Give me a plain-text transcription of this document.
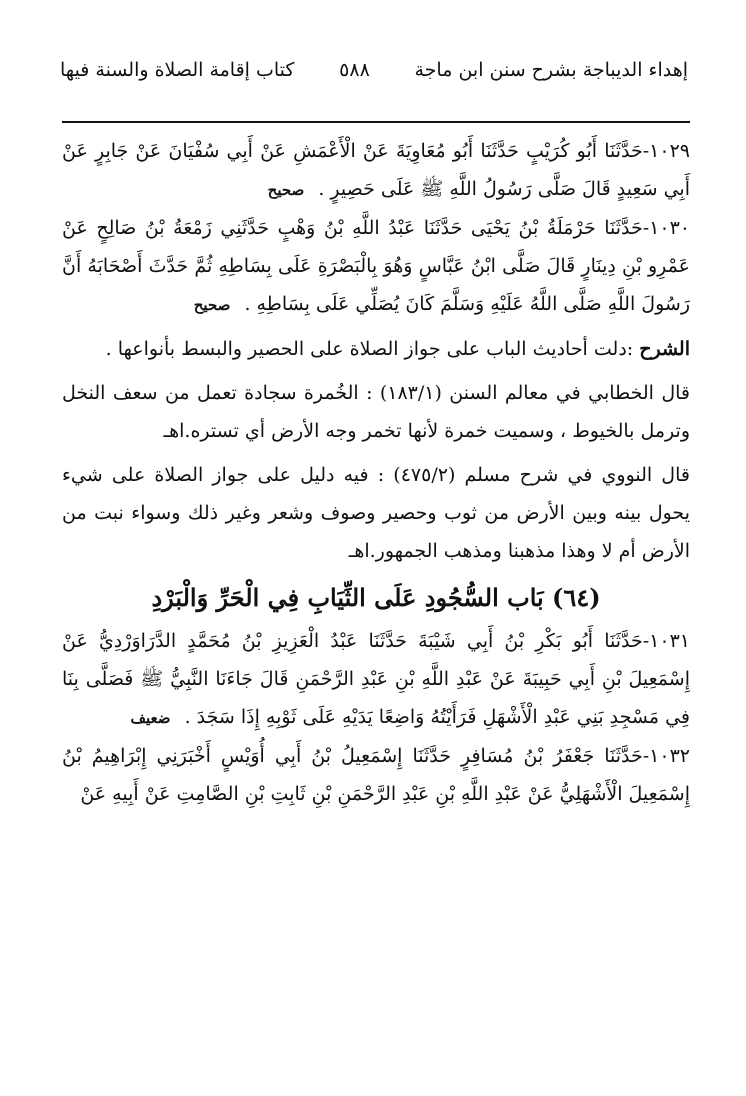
إهداء الديباجة بشرح سنن ابن ماجة
٥٨٨
كتاب إقامة الصلاة والسنة فيها

١٠٢٩-حَدَّثَنَا أَبُو كُرَيْبٍ حَدَّثَنَا أَبُو مُعَاوِيَةَ عَنْ الْأَعْمَشِ عَنْ أَبِي سُفْيَانَ عَنْ جَابِرٍ عَنْ أَبِي سَعِيدٍ قَالَ صَلَّى رَسُولُ اللَّهِ ﷺ عَلَى حَصِيرٍ . صحيح

١٠٣٠-حَدَّثَنَا حَرْمَلَةُ بْنُ يَحْيَى حَدَّثَنَا عَبْدُ اللَّهِ بْنُ وَهْبٍ حَدَّثَنِي زَمْعَةُ بْنُ صَالِحٍ عَنْ عَمْرِو بْنِ دِينَارٍ قَالَ صَلَّى ابْنُ عَبَّاسٍ وَهُوَ بِالْبَصْرَةِ عَلَى بِسَاطِهِ ثُمَّ حَدَّثَ أَصْحَابَهُ أَنَّ رَسُولَ اللَّهِ صَلَّى اللَّهُ عَلَيْهِ وَسَلَّمَ كَانَ يُصَلِّي عَلَى بِسَاطِهِ . صحيح

الشرح :دلت أحاديث الباب على جواز الصلاة على الحصير والبسط بأنواعها .

قال الخطابي في معالم السنن (١٨٣/١) : الخُمرة سجادة تعمل من سعف النخل وترمل بالخيوط ، وسميت خمرة لأنها تخمر وجه الأرض أي تستره.اهـ

قال النووي في شرح مسلم (٤٧٥/٢) : فيه دليل على جواز الصلاة على شيء يحول بينه وبين الأرض من ثوب وحصير وصوف وشعر وغير ذلك وسواء نبت من الأرض أم لا وهذا مذهبنا ومذهب الجمهور.اهـ

(٦٤) بَاب السُّجُودِ عَلَى الثِّيَابِ فِي الْحَرِّ وَالْبَرْدِ

١٠٣١-حَدَّثَنَا أَبُو بَكْرِ بْنُ أَبِي شَيْبَةَ حَدَّثَنَا عَبْدُ الْعَزِيزِ بْنُ مُحَمَّدٍ الدَّرَاوَرْدِيُّ عَنْ إِسْمَعِيلَ بْنِ أَبِي حَبِيبَةَ عَنْ عَبْدِ اللَّهِ بْنِ عَبْدِ الرَّحْمَنِ قَالَ جَاءَنَا النَّبِيُّ ﷺ فَصَلَّى بِنَا فِي مَسْجِدِ بَنِي عَبْدِ الْأَشْهَلِ فَرَأَيْتُهُ وَاضِعًا يَدَيْهِ عَلَى ثَوْبِهِ إِذَا سَجَدَ . ضعيف

١٠٣٢-حَدَّثَنَا جَعْفَرُ بْنُ مُسَافِرٍ حَدَّثَنَا إِسْمَعِيلُ بْنُ أَبِي أُوَيْسٍ أَخْبَرَنِي إِبْرَاهِيمُ بْنُ إِسْمَعِيلَ الْأَشْهَلِيُّ عَنْ عَبْدِ اللَّهِ بْنِ عَبْدِ الرَّحْمَنِ بْنِ ثَابِتِ بْنِ الصَّامِتِ عَنْ أَبِيهِ عَنْ
